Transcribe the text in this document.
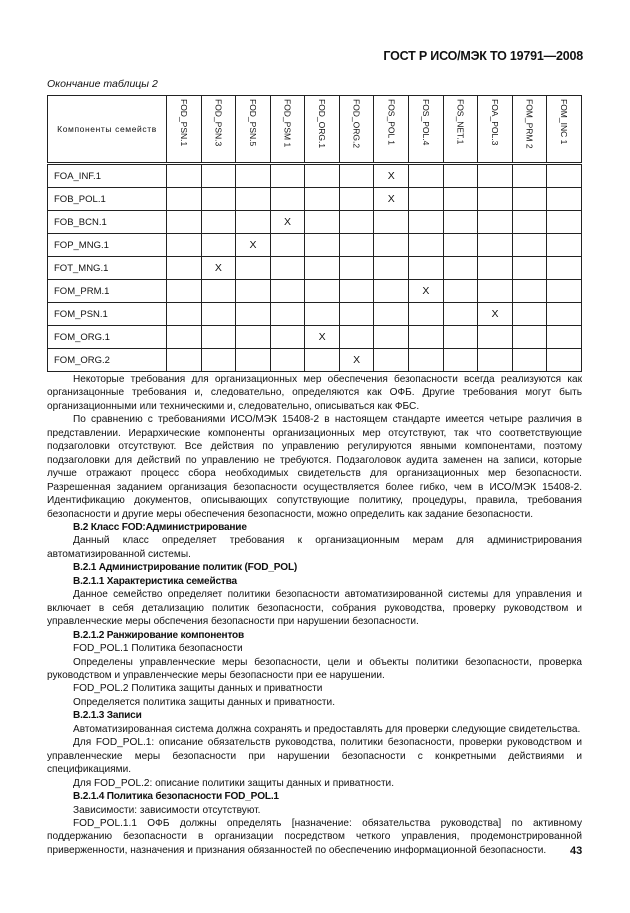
ГОСТ Р ИСО/МЭК ТО 19791—2008
Окончание таблицы 2
Компоненты семейств	FOD_PSN.1	FOD_PSN.3	FOD_PSN.5	FOD_PSM 1	FOD_ORG.1	FOD_ORG.2	FOS_POL 1	FOS_POL.4	FOS_NET.1	FOA_POL.3	FOM_PRM 2	FOM_INC 1
FOA_INF.1							X					
FOB_POL.1							X					
FOB_BCN.1				X								
FOP_MNG.1			X									
FOT_MNG.1		X										
FOM_PRM.1								X				
FOM_PSN.1										X		
FOM_ORG.1					X							
FOM_ORG.2						X						

Некоторые требования для организационных мер обеспечения безопасности всегда реализуются как организацонные требования и, следовательно, определяются как ОФБ. Другие требования могут быть организационными или техническими и, следовательно, описываться как ФБС.

По сравнению с требованиями ИСО/МЭК 15408-2 в настоящем стандарте имеется четыре различия в представлении. Иерархические компоненты организационных мер отсутствуют, так что соответствующие подзаголовки отсутствуют. Все действия по управлению регулируются явными компонентами, поэтому подзаголовки для действий по управлению не требуются. Подзаголовок аудита заменен на записи, которые лучше отражают процесс сбора необходимых свидетельств для организационных мер безопасности. Разрешенная заданием организация безопасности осуществляется более гибко, чем в ИСО/МЭК 15408-2. Идентификацию документов, описывающих сопутствующие политику, процедуры, правила, требования безопасности и другие меры обеспечения безопасности, можно определить как задание безопасности.

В.2 Класс FOD:Администрирование

Данный класс определяет требования к организационным мерам для администрирования автоматизированной системы.

В.2.1 Администрирование политик (FOD_POL)

В.2.1.1 Характеристика семейства

Данное семейство определяет политики безопасности автоматизированной системы для управления и включает в себя детализацию политик безопасности, собрания руководства, проверку руководством и управленческие меры обспечения безопасности при нарушении безопасности.

В.2.1.2 Ранжирование компонентов

FOD_POL.1 Политика безопасности

Определены управленческие меры безопасности, цели и объекты политики безопасности, проверка руководством и управленческие меры безопасности при ее нарушении.

FOD_POL.2 Политика защиты данных и приватности

Определяется политика защиты данных и приватности.

В.2.1.3 Записи

Автоматизированная система должна сохранять и предоставлять для проверки следующие свидетельства.

Для FOD_POL.1: описание обязательств руководства, политики безопасности, проверки руководством и управленческие меры безопасности при нарушении безопасности с конкретными действиями и спецификациями.

Для FOD_POL.2: описание политики защиты данных и приватности.

В.2.1.4 Политика безопасности FOD_POL.1

Зависимости: зависимости отсутствуют.

FOD_POL.1.1 ОФБ должны определять [назначение: обязательства руководства] по активному поддержанию безопасности в организации посредством четкого управления, продемонстрированной приверженности, назначения и признания обязанностей по обеспечению информационной безопасности.	43
